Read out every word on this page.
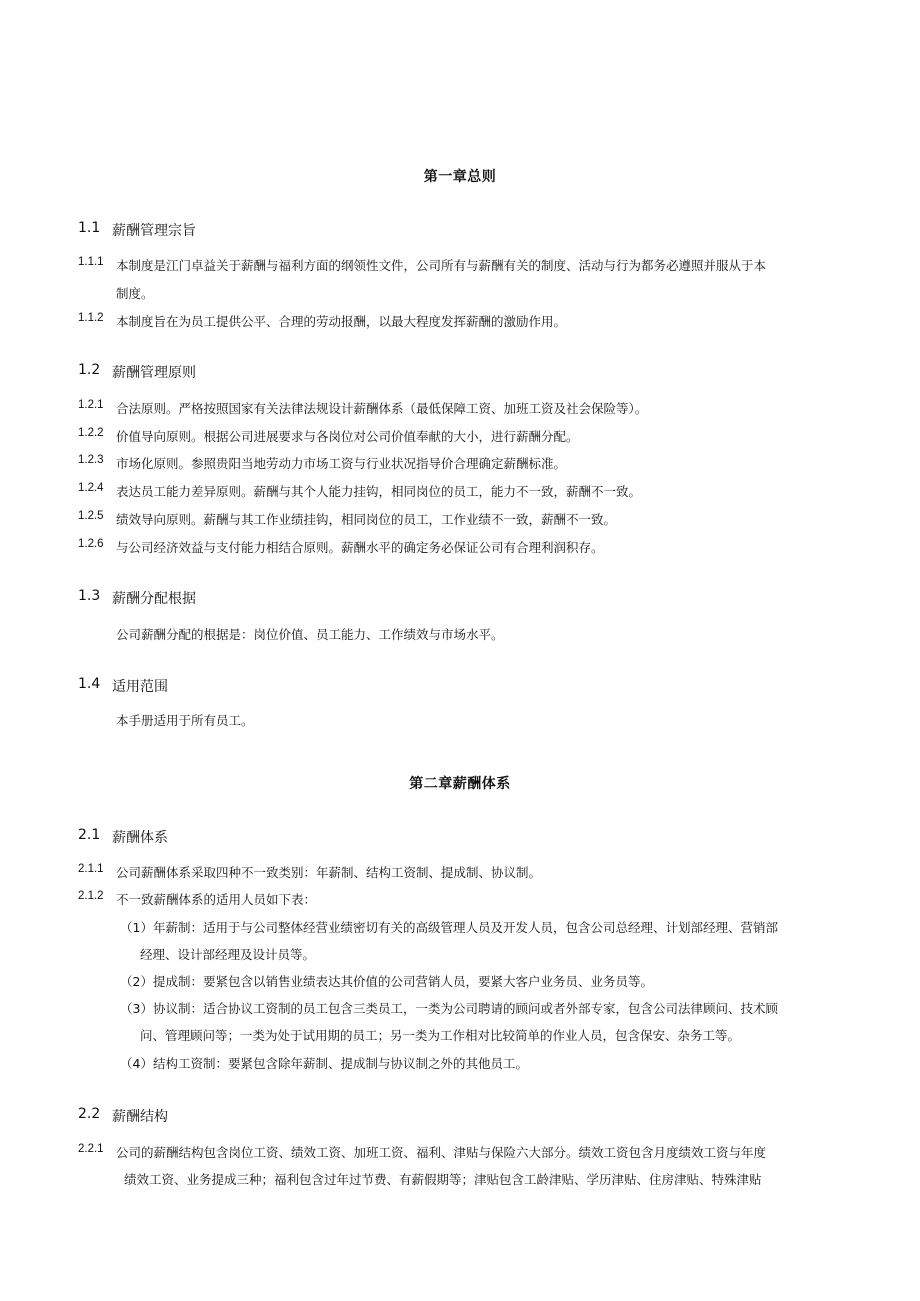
第一章总则
1.1 薪酬管理宗旨
1.1.1 本制度是江门卓益关于薪酬与福利方面的纲领性文件，公司所有与薪酬有关的制度、活动与行为都务必遵照并服从于本
制度。
1.1.2 本制度旨在为员工提供公平、合理的劳动报酬，以最大程度发挥薪酬的激励作用。
1.2 薪酬管理原则
1.2.1 合法原则。严格按照国家有关法律法规设计薪酬体系（最低保障工资、加班工资及社会保险等）。
1.2.2 价值导向原则。根据公司进展要求与各岗位对公司价值奉献的大小，进行薪酬分配。
1.2.3 市场化原则。参照贵阳当地劳动力市场工资与行业状况指导价合理确定薪酬标准。
1.2.4 表达员工能力差异原则。薪酬与其个人能力挂钩，相同岗位的员工，能力不一致，薪酬不一致。
1.2.5 绩效导向原则。薪酬与其工作业绩挂钩，相同岗位的员工，工作业绩不一致，薪酬不一致。
1.2.6 与公司经济效益与支付能力相结合原则。薪酬水平的确定务必保证公司有合理利润积存。
1.3 薪酬分配根据
公司薪酬分配的根据是：岗位价值、员工能力、工作绩效与市场水平。
1.4 适用范围
本手册适用于所有员工。
第二章薪酬体系
2.1 薪酬体系
2.1.1 公司薪酬体系采取四种不一致类别：年薪制、结构工资制、提成制、协议制。
2.1.2 不一致薪酬体系的适用人员如下表：
（1）年薪制：适用于与公司整体经营业绩密切有关的高级管理人员及开发人员，包含公司总经理、计划部经理、营销部
经理、设计部经理及设计员等。
（2）提成制：要紧包含以销售业绩表达其价值的公司营销人员，要紧大客户业务员、业务员等。
（3）协议制：适合协议工资制的员工包含三类员工，一类为公司聘请的顾问或者外部专家，包含公司法律顾问、技术顾
问、管理顾问等；一类为处于试用期的员工；另一类为工作相对比较简单的作业人员，包含保安、杂务工等。
（4）结构工资制：要紧包含除年薪制、提成制与协议制之外的其他员工。
2.2 薪酬结构
2.2.1 公司的薪酬结构包含岗位工资、绩效工资、加班工资、福利、津贴与保险六大部分。绩效工资包含月度绩效工资与年度
绩效工资、业务提成三种；福利包含过年过节费、有薪假期等；津贴包含工龄津贴、学历津贴、住房津贴、特殊津贴
